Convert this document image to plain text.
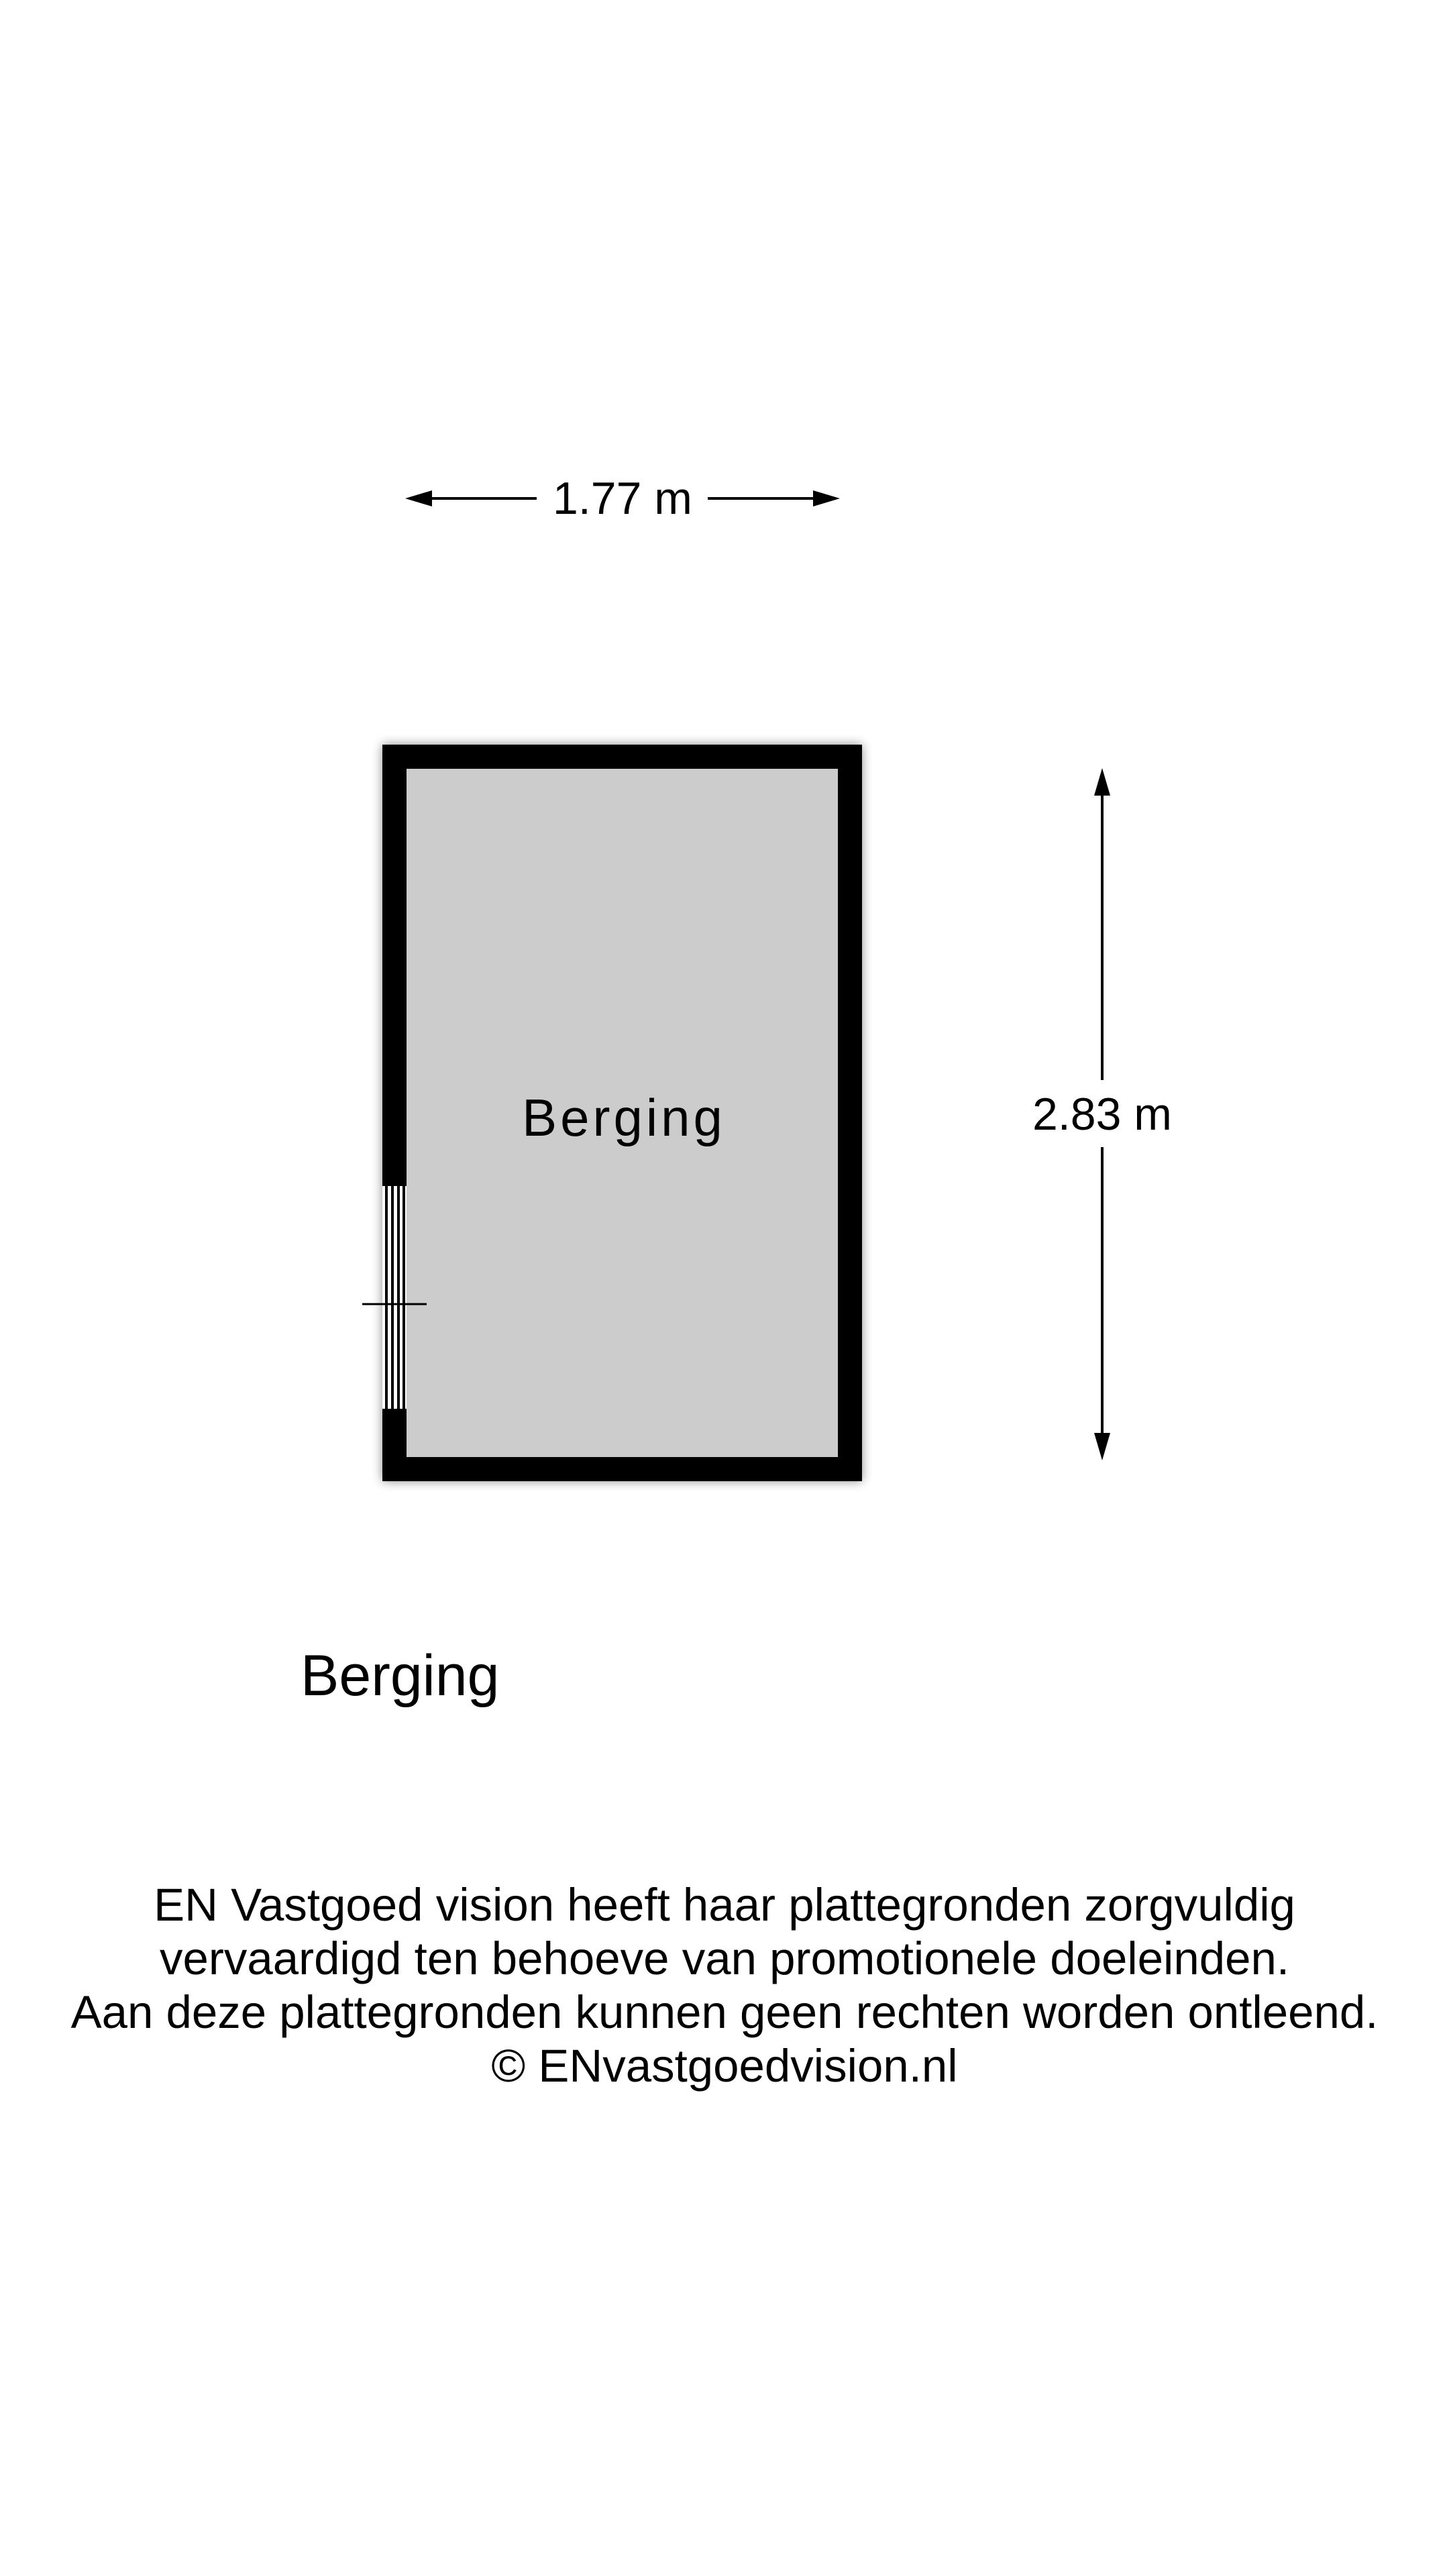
1.77 m
2.83 m
Berging
Berging
EN Vastgoed vision heeft haar plattegronden zorgvuldig
vervaardigd ten behoeve van promotionele doeleinden.
Aan deze plattegronden kunnen geen rechten worden ontleend.
© ENvastgoedvision.nl
